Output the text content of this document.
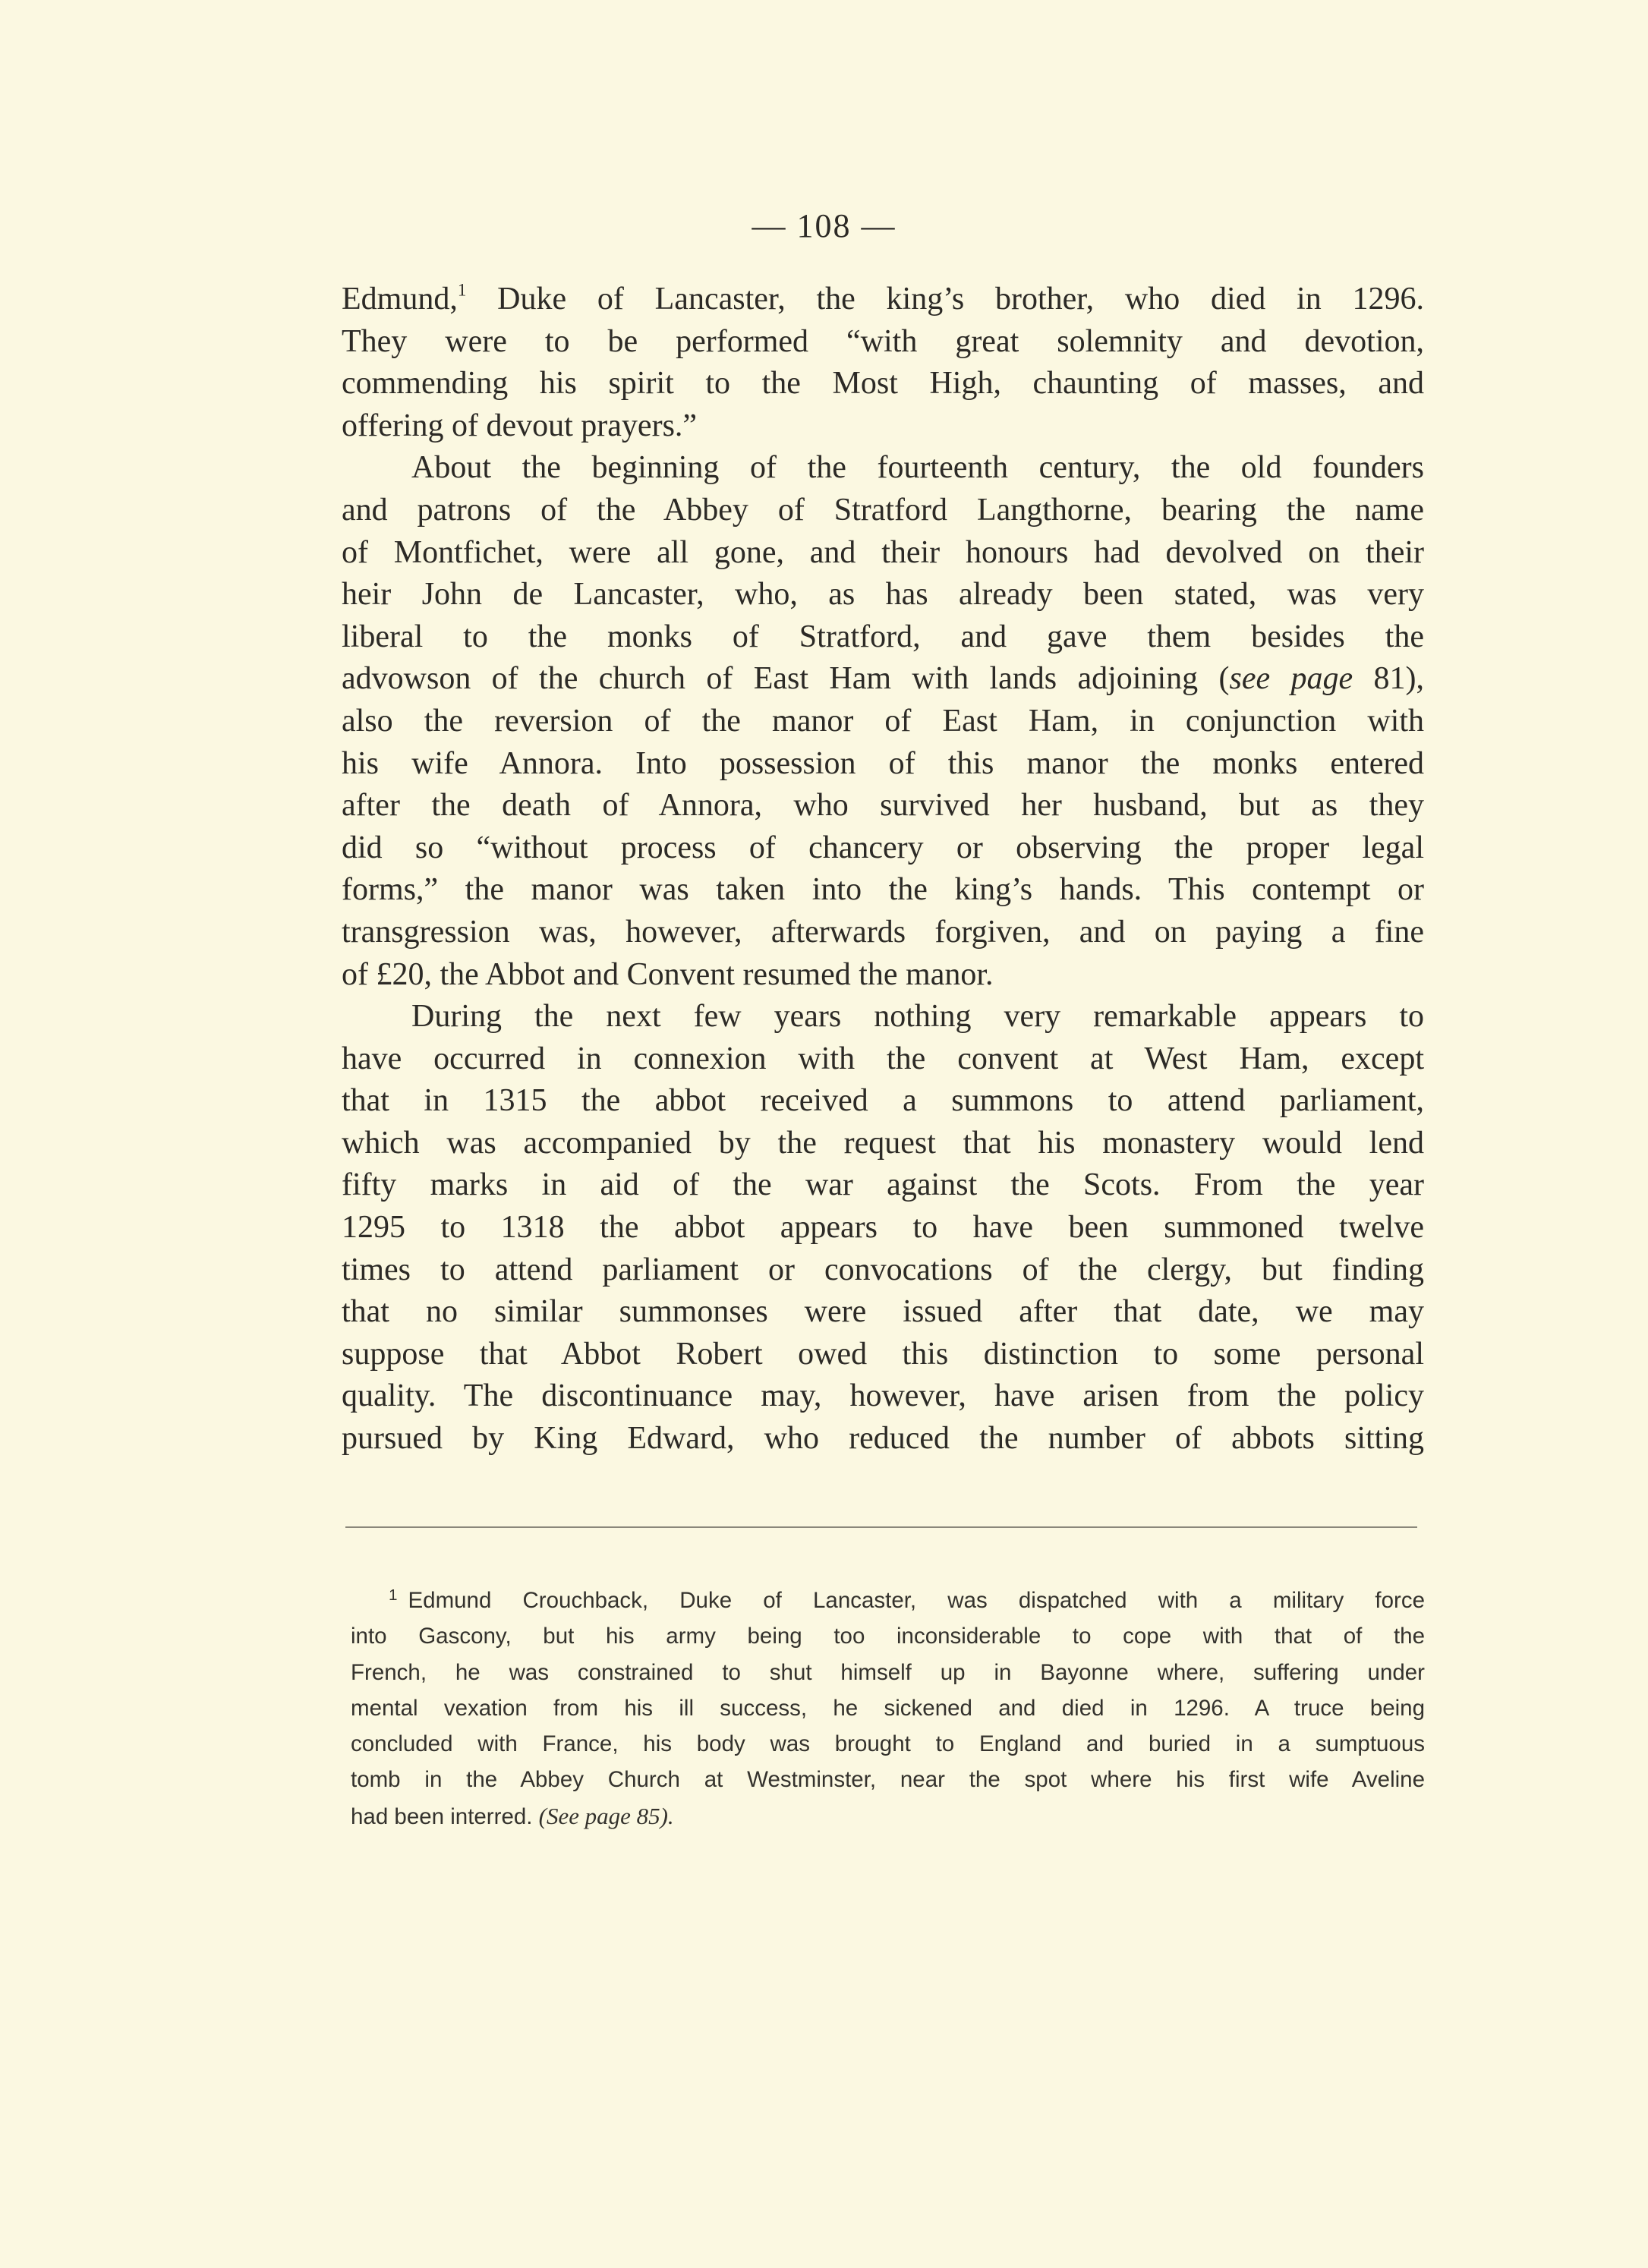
— 108 —
Edmund,$^1$ Duke of Lancaster, the king’s brother, who died in 1296.
They were to be performed “with great solemnity and devotion,
commending his spirit to the Most High, chaunting of masses, and
offering of devout prayers.”
About the beginning of the fourteenth century, the old founders
and patrons of the Abbey of Stratford Langthorne, bearing the name
of Montfichet, were all gone, and their honours had devolved on their
heir John de Lancaster, who, as has already been stated, was very
liberal to the monks of Stratford, and gave them besides the
advowson of the church of East Ham with lands adjoining (see page 81),
also the reversion of the manor of East Ham, in conjunction with
his wife Annora. Into possession of this manor the monks entered
after the death of Annora, who survived her husband, but as they
did so “without process of chancery or observing the proper legal
forms,” the manor was taken into the king’s hands. This contempt or
transgression was, however, afterwards forgiven, and on paying a fine
of £20, the Abbot and Convent resumed the manor.
During the next few years nothing very remarkable appears to
have occurred in connexion with the convent at West Ham, except
that in 1315 the abbot received a summons to attend parliament,
which was accompanied by the request that his monastery would lend
fifty marks in aid of the war against the Scots. From the year
1295 to 1318 the abbot appears to have been summoned twelve
times to attend parliament or convocations of the clergy, but finding
that no similar summonses were issued after that date, we may
suppose that Abbot Robert owed this distinction to some personal
quality. The discontinuance may, however, have arisen from the policy
pursued by King Edward, who reduced the number of abbots sitting
$^1$ Edmund Crouchback, Duke of Lancaster, was dispatched with a military force
into Gascony, but his army being too inconsiderable to cope with that of the
French, he was constrained to shut himself up in Bayonne where, suffering under
mental vexation from his ill success, he sickened and died in 1296. A truce being
concluded with France, his body was brought to England and buried in a sumptuous
tomb in the Abbey Church at Westminster, near the spot where his first wife Aveline
had been interred. (See page 85).
